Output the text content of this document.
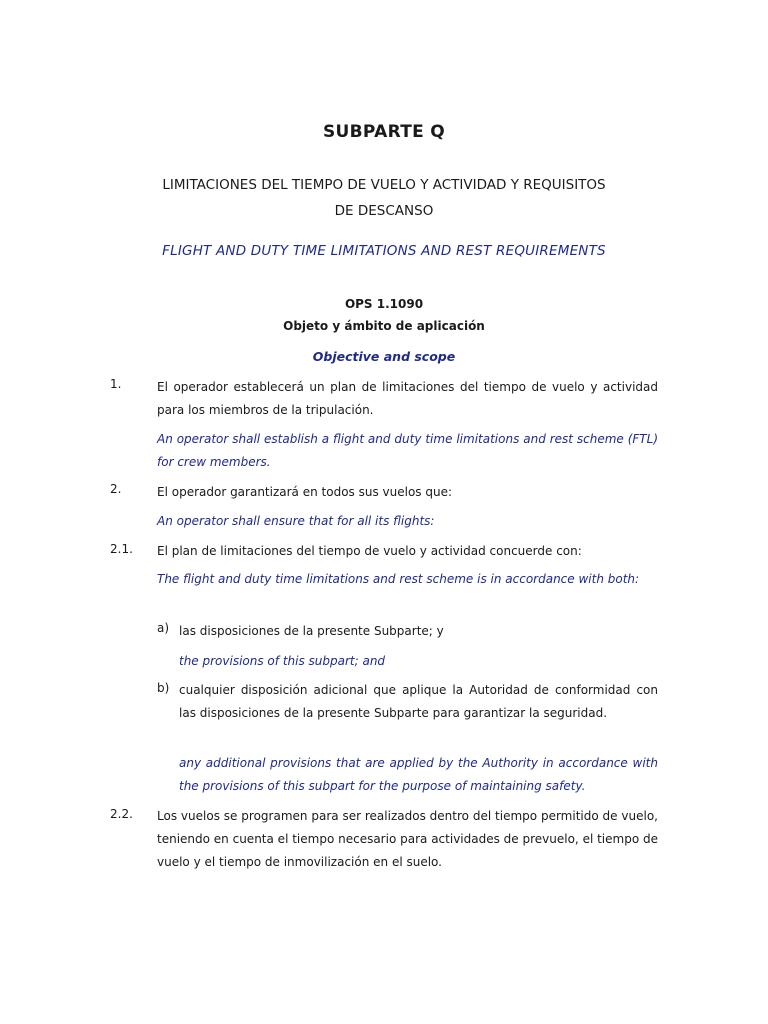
SUBPARTE Q
LIMITACIONES DEL TIEMPO DE VUELO Y ACTIVIDAD Y REQUISITOS
DE DESCANSO
FLIGHT AND DUTY TIME LIMITATIONS AND REST REQUIREMENTS
OPS 1.1090
Objeto y ámbito de aplicación
Objective and scope
1.	El operador establecerá un plan de limitaciones del tiempo de vuelo y actividad para los miembros de la tripulación.
An operator shall establish a flight and duty time limitations and rest scheme (FTL) for crew members.
2.	El operador garantizará en todos sus vuelos que:
An operator shall ensure that for all its flights:
2.1. El plan de limitaciones del tiempo de vuelo y actividad concuerde con:
The flight and duty time limitations and rest scheme is in accordance with both:
a) las disposiciones de la presente Subparte; y
the provisions of this subpart; and
b) cualquier disposición adicional que aplique la Autoridad de conformidad con las disposiciones de la presente Subparte para garantizar la seguridad.
any additional provisions that are applied by the Authority in accordance with the provisions of this subpart for the purpose of maintaining safety.
2.2. Los vuelos se programen para ser realizados dentro del tiempo permitido de vuelo, teniendo en cuenta el tiempo necesario para actividades de prevuelo, el tiempo de vuelo y el tiempo de inmovilización en el suelo.
